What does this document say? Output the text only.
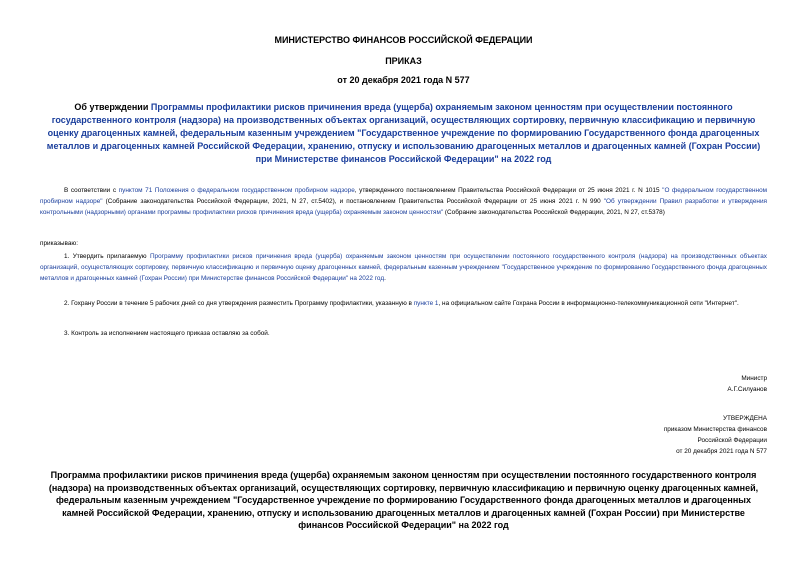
МИНИСТЕРСТВО ФИНАНСОВ РОССИЙСКОЙ ФЕДЕРАЦИИ
ПРИКАЗ
от 20 декабря 2021 года N 577
Об утверждении Программы профилактики рисков причинения вреда (ущерба) охраняемым законом ценностям при осуществлении постоянного государственного контроля (надзора) на производственных объектах организаций, осуществляющих сортировку, первичную классификацию и первичную оценку драгоценных камней, федеральным казенным учреждением "Государственное учреждение по формированию Государственного фонда драгоценных металлов и драгоценных камней Российской Федерации, хранению, отпуску и использованию драгоценных металлов и драгоценных камней (Гохран России) при Министерстве финансов Российской Федерации" на 2022 год
В соответствии с пунктом 71 Положения о федеральном государственном пробирном надзоре, утвержденного постановлением Правительства Российской Федерации от 25 июня 2021 г. N 1015 "О федеральном государственном пробирном надзоре" (Собрание законодательства Российской Федерации, 2021, N 27, ст.5402), и постановлением Правительства Российской Федерации от 25 июня 2021 г. N 990 "Об утверждении Правил разработки и утверждения контрольными (надзорными) органами программы профилактики рисков причинения вреда (ущерба) охраняемым законом ценностям" (Собрание законодательства Российской Федерации, 2021, N 27, ст.5378)
приказываю:
1. Утвердить прилагаемую Программу профилактики рисков причинения вреда (ущерба) охраняемым законом ценностям при осуществлении постоянного государственного контроля (надзора) на производственных объектах организаций, осуществляющих сортировку, первичную классификацию и первичную оценку драгоценных камней, федеральным казенным учреждением "Государственное учреждение по формированию Государственного фонда драгоценных металлов и драгоценных камней (Гохран России) при Министерстве финансов Российской Федерации" на 2022 год.
2. Гохрану России в течение 5 рабочих дней со дня утверждения разместить Программу профилактики, указанную в пункте 1, на официальном сайте Гохрана России в информационно-телекоммуникационной сети "Интернет".
3. Контроль за исполнением настоящего приказа оставляю за собой.
Министр
А.Г.Силуанов
УТВЕРЖДЕНА
приказом Министерства финансов
Российской Федерации
от 20 декабря 2021 года N 577
Программа профилактики рисков причинения вреда (ущерба) охраняемым законом ценностям при осуществлении постоянного государственного контроля (надзора) на производственных объектах организаций, осуществляющих сортировку, первичную классификацию и первичную оценку драгоценных камней, федеральным казенным учреждением "Государственное учреждение по формированию Государственного фонда драгоценных металлов и драгоценных камней Российской Федерации, хранению, отпуску и использованию драгоценных металлов и драгоценных камней (Гохран России) при Министерстве финансов Российской Федерации" на 2022 год
